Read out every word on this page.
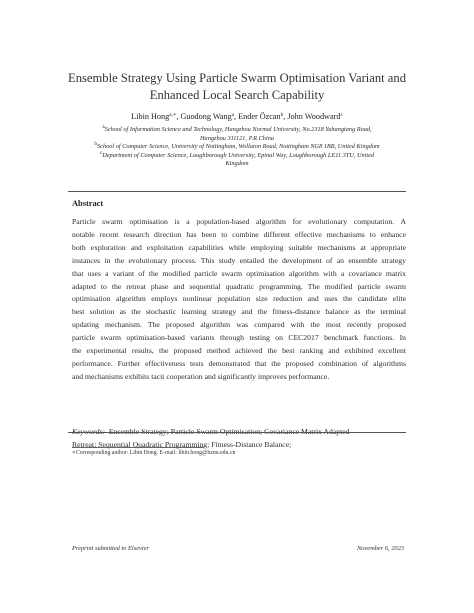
Ensemble Strategy Using Particle Swarm Optimisation Variant and
Enhanced Local Search Capability
Libin Hong$^{a,∗}$, Guodong Wang$^a$, Ender Özcan$^b$, John Woodward$^c$
$^a$School of Information Science and Technology, Hangzhou Normal University, No.2318 Yuhangtang Road,
Hangzhou 311121, P.R.China
$^b$School of Computer Science, University of Nottingham, Wollaton Road, Nottingham NG8 1BB, United Kingdom
$^c$Department of Computer Science, Loughborough University, Epinal Way, Loughborough LE11 3TU, United
Kingdom
Abstract
Particle swarm optimisation is a population-based algorithm for evolutionary computation. A
notable recent research direction has been to combine different effective mechanisms to enhance
both exploration and exploitation capabilities while employing suitable mechanisms at appropriate
instances in the evolutionary process. This study entailed the development of an ensemble strategy
that uses a variant of the modified particle swarm optimisation algorithm with a covariance matrix
adapted to the retreat phase and sequential quadratic programming. The modified particle swarm
optimisation algorithm employs nonlinear population size reduction and uses the candidate elite
best solution as the stochastic learning strategy and the fitness-distance balance as the terminal
updating mechanism. The proposed algorithm was compared with the most recently proposed
particle swarm optimisation-based variants through testing on CEC2017 benchmark functions. In
the experimental results, the proposed method achieved the best ranking and exhibited excellent
performance. Further effectiveness tests demonstrated that the proposed combination of algorithms
and mechanisms exhibits tacit cooperation and significantly improves performance.
Keywords: Ensemble Strategy; Particle Swarm Optimisation; Covariance Matrix Adapted
Retreat; Sequential Quadratic Programming; Fitness-Distance Balance;
∗Corresponding author: Libin Hong. E-mail: libin.hong@hznu.edu.cn
Preprint submitted to Elsevier	November 6, 2023
